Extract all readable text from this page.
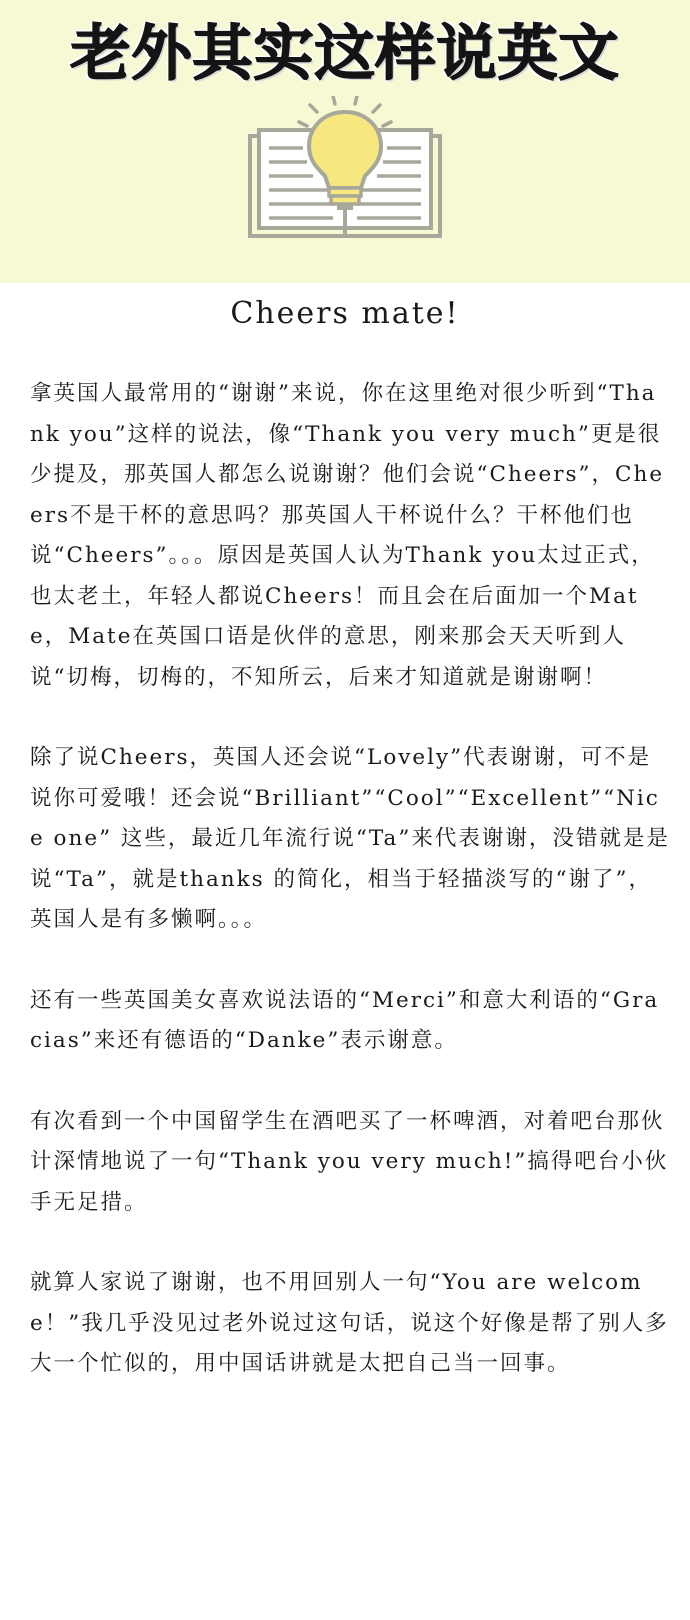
老外其实这样说英文
Cheers mate!

拿英国人最常用的“谢谢”来说，你在这里绝对很少听到“Thank you”这样的说法，像“Thank you very much”更是很少提及，那英国人都怎么说谢谢？他们会说“Cheers”，Cheers不是干杯的意思吗？那英国人干杯说什么？干杯他们也说“Cheers”。。。原因是英国人认为Thank you太过正式，也太老土，年轻人都说Cheers！而且会在后面加一个Mate，Mate在英国口语是伙伴的意思，刚来那会天天听到人说“切梅，切梅的，不知所云，后来才知道就是谢谢啊！

除了说Cheers，英国人还会说“Lovely”代表谢谢，可不是说你可爱哦！还会说“Brilliant”“Cool”“Excellent”“Nice one” 这些，最近几年流行说“Ta”来代表谢谢，没错就是是说“Ta”，就是thanks 的简化，相当于轻描淡写的“谢了”，英国人是有多懒啊。。。

还有一些英国美女喜欢说法语的“Merci”和意大利语的“Gracias”来还有德语的“Danke”表示谢意。

有次看到一个中国留学生在酒吧买了一杯啤酒，对着吧台那伙计深情地说了一句“Thank you very much!”搞得吧台小伙手无足措。

就算人家说了谢谢，也不用回别人一句“You are welcome！”我几乎没见过老外说过这句话，说这个好像是帮了别人多大一个忙似的，用中国话讲就是太把自己当一回事。
